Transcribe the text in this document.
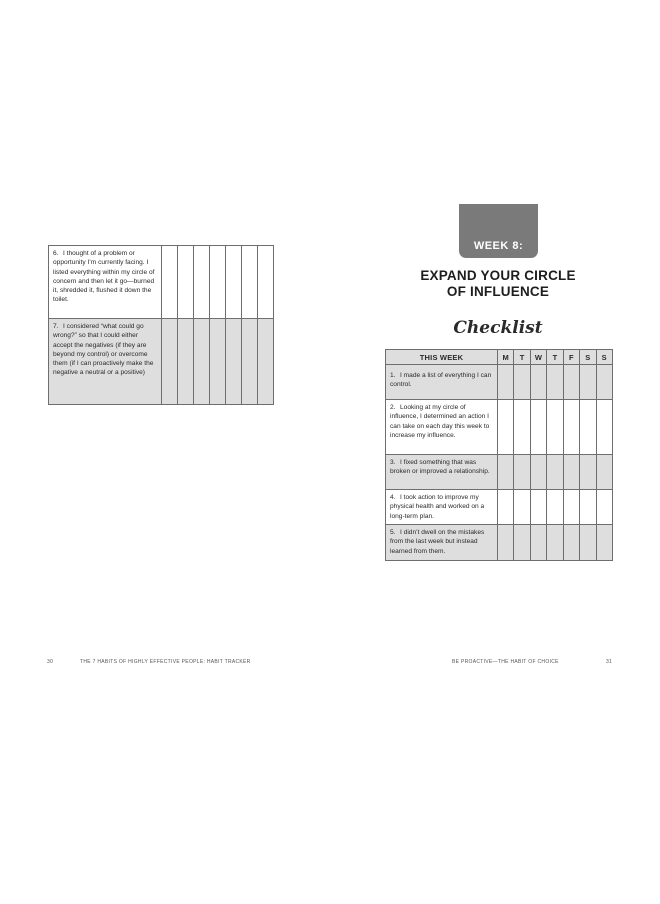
6. I thought of a problem or opportunity I’m currently facing. I listed everything within my circle of concern and then let it go—burned it, shredded it, flushed it down the toilet.							
7. I considered “what could go wrong?” so that I could either accept the negatives (if they are beyond my control) or overcome them (if I can proactively make the negative a neutral or a positive)							
WEEK 8:
EXPAND YOUR CIRCLE
OF INFLUENCE
Checklist
THIS WEEK	M	T	W	T	F	S	S
1. I made a list of everything I can control.							
2. Looking at my circle of influence, I determined an action I can take on each day this week to increase my influence.							
3. I fixed something that was broken or improved a relationship.							
4. I took action to improve my physical health and worked on a long-term plan.							
5. I didn’t dwell on the mistakes from the last week but instead learned from them.							
30	THE 7 HABITS OF HIGHLY EFFECTIVE PEOPLE: HABIT TRACKER	BE PROACTIVE—THE HABIT OF CHOICE	31
